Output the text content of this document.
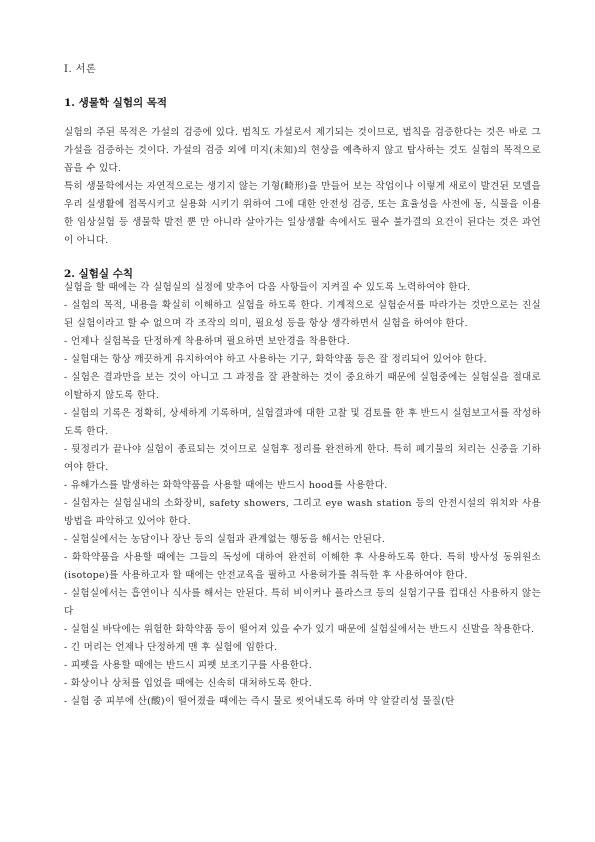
Ⅰ. 서론
1. 생물학 실험의 목적

실험의 주된 목적은 가설의 검증에 있다. 법칙도 가설로서 제기되는 것이므로, 법칙을 검증한다는 것은 바로 그 가설을 검증하는 것이다. 가설의 검증 외에 미지(未知)의 현상을 예측하지 않고 탐사하는 것도 실험의 목적으로 꼽을 수 있다.

특히 생물학에서는 자연적으로는 생기지 않는 기형(畸形)을 만들어 보는 작업이나 이렇게 새로이 발견된 모델을 우리 실생활에 접목시키고 실용화 시키기 위하여 그에 대한 안전성 검증, 또는 효율성을 사전에 동, 식물을 이용한 임상실험 등 생물학 발전 뿐 만 아니라 살아가는 일상생활 속에서도 필수 불가결의 요건이 된다는 것은 과언이 아니다.

2. 실험실 수칙

실험을 할 때에는 각 실험실의 실정에 맞추어 다음 사항들이 지켜질 수 있도록 노력하여야 한다.

- 실험의 목적, 내용을 확실히 이해하고 실험을 하도록 한다. 기계적으로 실험순서를 따라가는 것만으로는 진실된 실험이라고 할 수 없으며 각 조작의 의미, 필요성 등을 항상 생각하면서 실험을 하여야 한다.

- 언제나 실험복을 단정하게 착용하며 필요하면 보안경을 착용한다.

- 실험대는 항상 깨끗하게 유지하여야 하고 사용하는 기구, 화학약품 등은 잘 정리되어 있어야 한다.

- 실험은 결과만을 보는 것이 아니고 그 과정을 잘 관찰하는 것이 중요하기 때문에 실험중에는 실험실을 절대로 이탈하지 않도록 한다.

- 실험의 기록은 정확히, 상세하게 기록하며, 실험결과에 대한 고찰 및 검토를 한 후 반드시 실험보고서를 작성하도록 한다.

- 뒷정리가 끝나야 실험이 종료되는 것이므로 실험후 정리를 완전하게 한다. 특히 폐기물의 처리는 신중을 기하여야 한다.

- 유해가스를 발생하는 화학약품을 사용할 때에는 반드시 hood를 사용한다.

- 실험자는 실험실내의 소화장비, safety showers, 그리고 eye wash station 등의 안전시설의 위치와 사용방법을 파악하고 있어야 한다.

- 실험실에서는 농담이나 장난 등의 실험과 관계없는 행동을 해서는 안된다.

- 화학약품을 사용할 때에는 그들의 독성에 대하여 완전히 이해한 후 사용하도록 한다. 특히 방사성 동위원소 (isotope)를 사용하고자 할 때에는 안전교육을 필하고 사용허가를 취득한 후 사용하여야 한다.

- 실험실에서는 흡연이나 식사를 해서는 안된다. 특히 비이커나 플라스크 등의 실험기구를 컵대신 사용하지 않는다

- 실험실 바닥에는 위험한 화학약품 등이 떨어져 있을 수가 있기 때문에 실험실에서는 반드시 신발을 착용한다.

- 긴 머리는 언제나 단정하게 맨 후 실험에 임한다.

- 피펫을 사용할 때에는 반드시 피펫 보조기구를 사용한다.

- 화상이나 상처를 입었을 때에는 신속히 대처하도록 한다.

- 실험 중 피부에 산(酸)이 떨어졌을 때에는 즉시 물로 씻어내도록 하며 약 알칼리성 물질(탄
